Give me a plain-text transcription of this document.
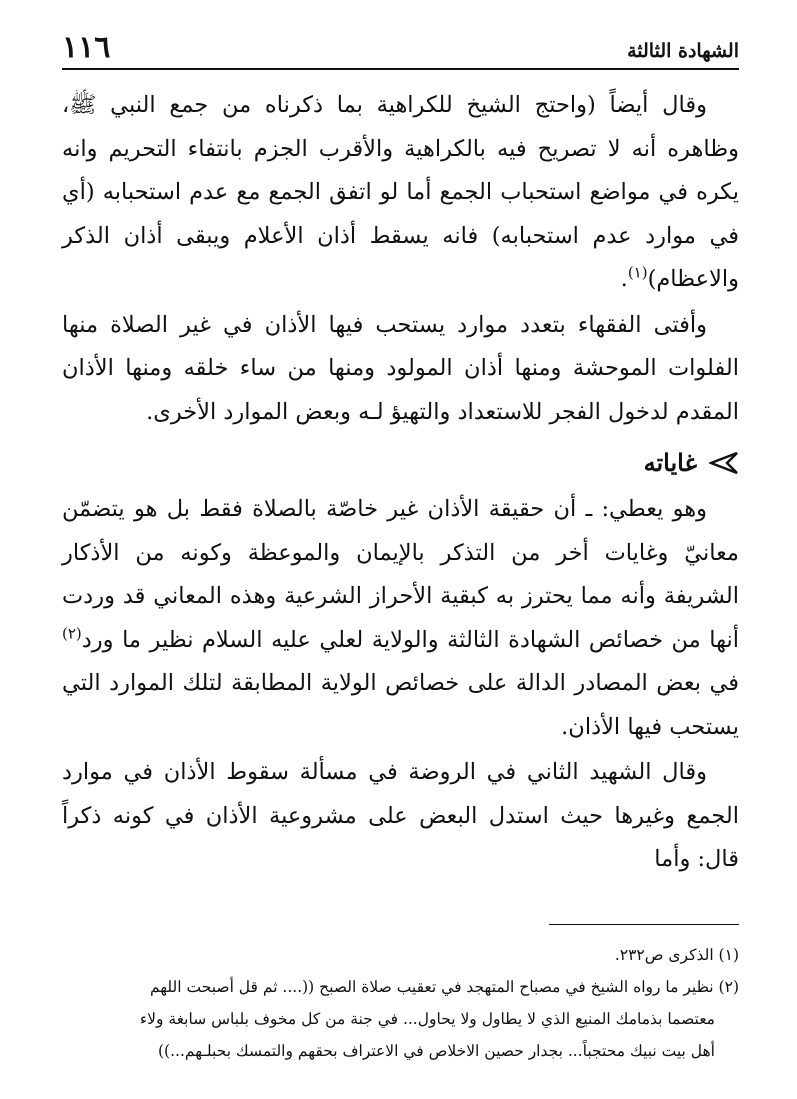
الشهادة الثالثة
١١٦

وقال أيضاً (واحتج الشيخ للكراهية بما ذكرناه من جمع النبي ﷺ، وظاهره أنه لا تصريح فيه بالكراهية والأقرب الجزم بانتفاء التحريم وانه يكره في مواضع استحباب الجمع أما لو اتفق الجمع مع عدم استحبابه (أي في موارد عدم استحبابه) فانه يسقط أذان الأعلام ويبقى أذان الذكر والاعظام)$^{(١)}$.

وأفتى الفقهاء بتعدد موارد يستحب فيها الأذان في غير الصلاة منها الفلوات الموحشة ومنها أذان المولود ومنها من ساء خلقه ومنها الأذان المقدم لدخول الفجر للاستعداد والتهيؤ لـه وبعض الموارد الأخرى.

غاياته

وهو يعطي: ـ أن حقيقة الأذان غير خاصّة بالصلاة فقط بل هو يتضمّن معانيّ وغايات أخر من التذكر بالإيمان والموعظة وكونه من الأذكار الشريفة وأنه مما يحترز به كبقية الأحراز الشرعية وهذه المعاني قد وردت أنها من خصائص الشهادة الثالثة والولاية لعلي عليه السلام نظير ما ورد$^{(٢)}$ في بعض المصادر الدالة على خصائص الولاية المطابقة لتلك الموارد التي يستحب فيها الأذان.

وقال الشهيد الثاني في الروضة في مسألة سقوط الأذان في موارد الجمع وغيرها حيث استدل البعض على مشروعية الأذان في كونه ذكراً قال: وأما

(١) الذكرى ص٢٣٢.

(٢) نظير ما رواه الشيخ في مصباح المتهجد في تعقيب صلاة الصبح ((.... ثم قل أصبحت اللهم

معتصما بذمامك المنيع الذي لا يطاول ولا يحاول... في جنة من كل مخوف بلباس سابغة ولاء

أهل بيت نبيك محتجباً... بجدار حصين الاخلاص في الاعتراف بحقهم والتمسك بحبلـهم...))
